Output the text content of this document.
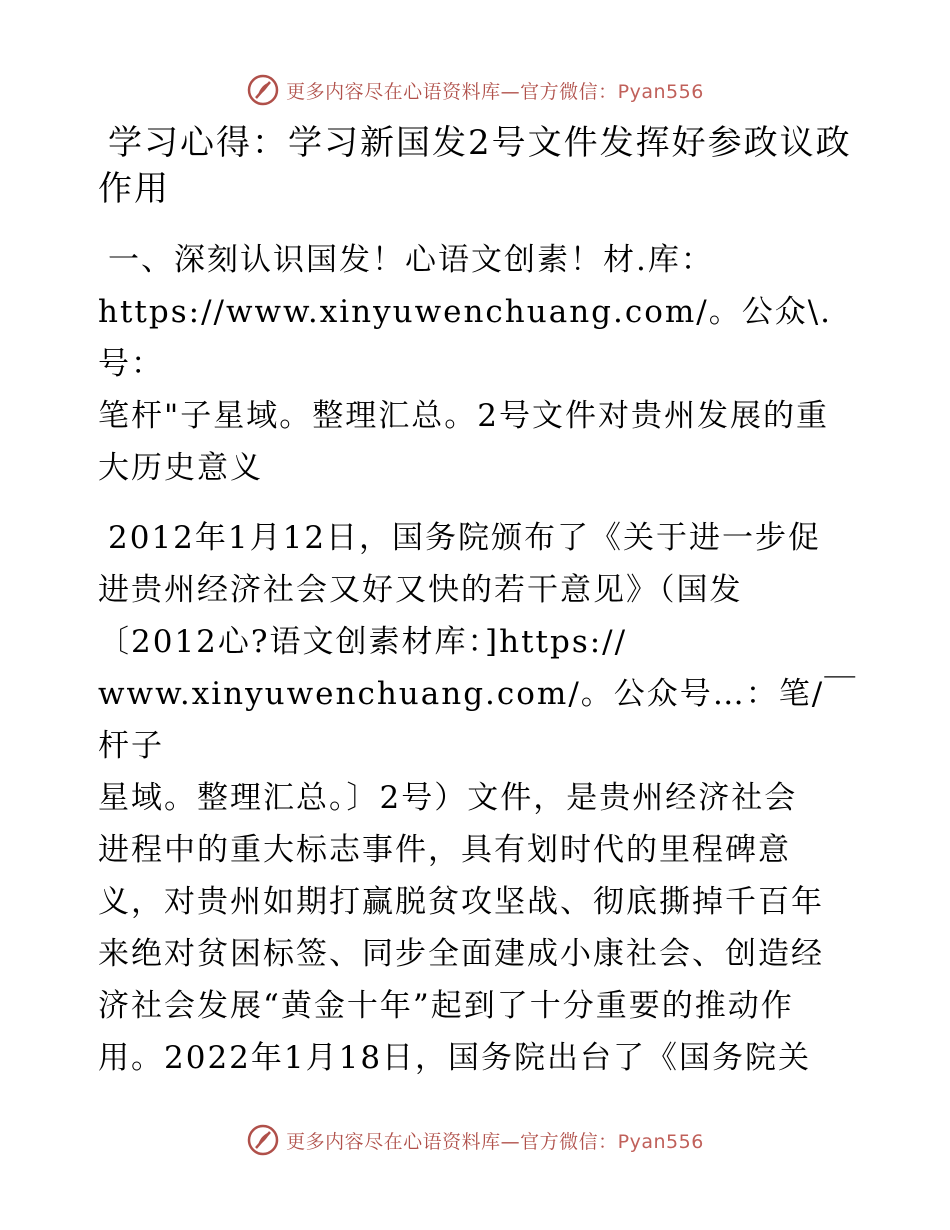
更多内容尽在心语资料库—官方微信：Pyan556

学习心得：学习新国发2号文件发挥好参政议政
作用

一、深刻认识国发！心语文创素！材.库：
https://www.xinyuwenchuang.com/。公众\.号：
笔杆"子星域。整理汇总。2号文件对贵州发展的重
大历史意义
2012年1月12日，国务院颁布了《关于进一步促
进贵州经济社会又好又快的若干意见》（国发
〔2012心?语文创素材库：]https://
www.xinyuwenchuang.com/。公众号…：笔/￣杆子
星域。整理汇总。〕2号）文件，是贵州经济社会
进程中的重大标志事件，具有划时代的里程碑意
义，对贵州如期打赢脱贫攻坚战、彻底撕掉千百年
来绝对贫困标签、同步全面建成小康社会、创造经
济社会发展“黄金十年”起到了十分重要的推动作
用。2022年1月18日，国务院出台了《国务院关
更多内容尽在心语资料库—官方微信：Pyan556
